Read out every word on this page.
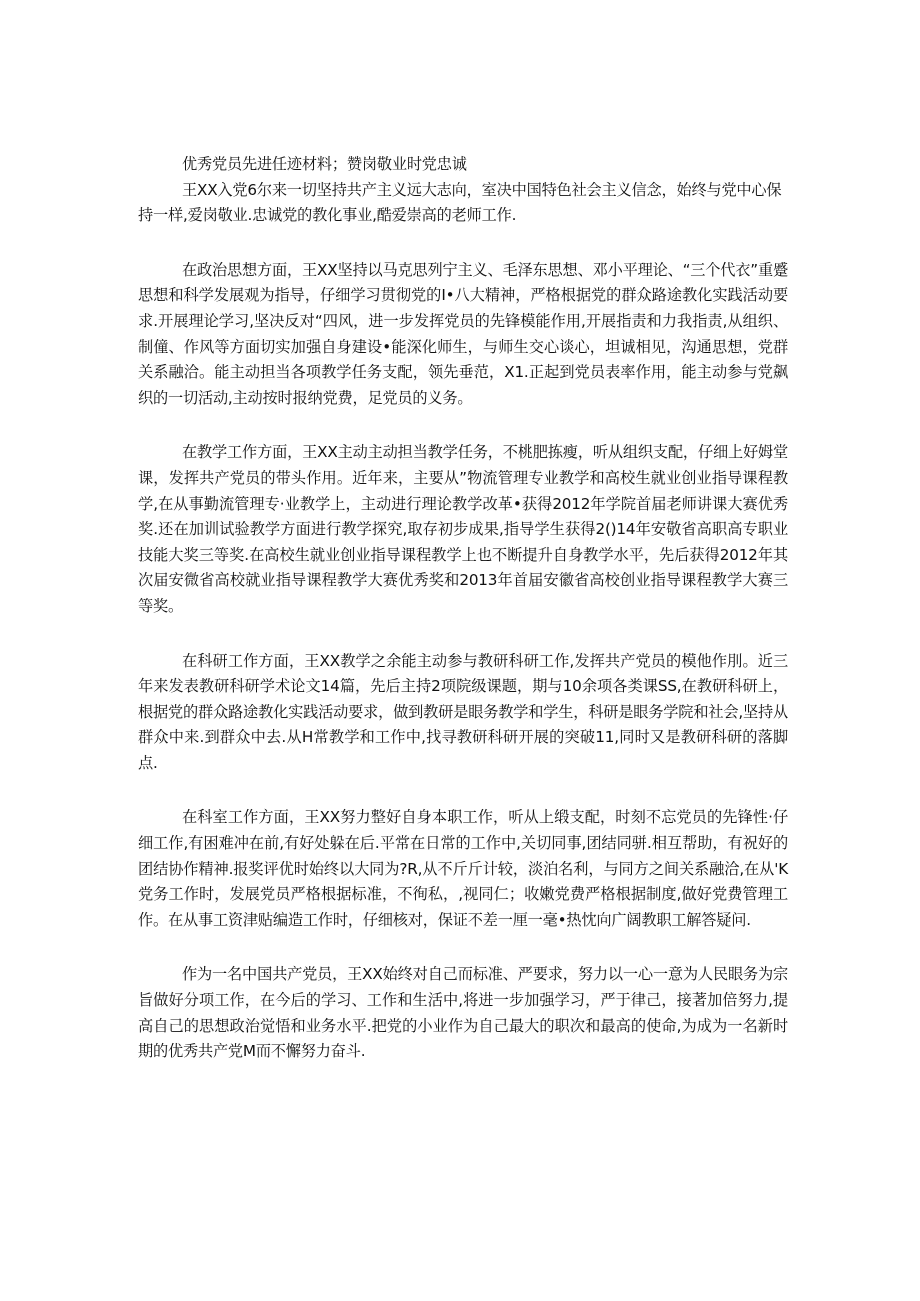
优秀党员先进任迹材料；赞岗敬业时党忠诚

王XX入党6尔来一切坚持共产主义远大志向，室决中国特色社会主义信念，始终与党中心保持一样,爱岗敬业.忠诚党的教化事业,酷爱崇高的老师工作.

在政治思想方面，王XX坚持以马克思列宁主义、毛泽东思想、邓小平理论、“三个代衣”重蹙思想和科学发展观为指导，仔细学习贯彻党的I•八大精神，严格根据党的群众路途教化实践活动要求.开展理论学习,坚决反对“四风，进一步发挥党员的先锋模能作用,开展指责和力我指责,从组织、制僮、作风等方面切实加强自身建设•能深化师生，与师生交心谈心，坦诚相见，沟通思想，党群关系融洽。能主动担当各项教学任务支配，领先垂范，X1.正起到党员表率作用，能主动参与党飙织的一切活动,主动按时报纳党费，足党员的义务。

在教学工作方面，王XX主动主动担当教学任务，不桃肥拣瘦，听从组织支配，仔细上好姆堂课，发挥共产党员的带头作用。近年来，主要从”物流管理专业教学和高校生就业创业指导课程教学,在从事勤流管理专·业教学上，主动进行理论教学改革•获得2012年学院首届老师讲课大赛优秀奖.还在加训试验教学方面进行教学探究,取存初步成果,指导学生获得2()14年安敬省高职高专职业技能大奖三等奖.在高校生就业创业指导课程教学上也不断提升自身教学水平，先后获得2012年其次届安微省高校就业指导课程教学大赛优秀奖和2013年首届安徽省高校创业指导课程教学大赛三等奖。

在科研工作方面，王XX教学之余能主动参与教研科研工作,发挥共产党员的模他作刖。近三年来发表教研科研学术论文14篇，先后主持2项院级课题，期与10余项各类课SS,在教研科研上，根据党的群众路途教化实践活动要求，做到教研是眼务教学和学生，科研是眼务学院和社会,坚持从群众中来.到群众中去.从H常教学和工作中,找寻教研科研开展的突破11,同时又是教研科研的落脚点.

在科室工作方面，王XX努力整好自身本职工作，听从上缎支配，时刻不忘党员的先锋性·仔细工作,有困难冲在前,有好处躲在后.平常在日常的工作中,关切同事,团结同骈.相互帮助，有祝好的团结协作精神.报奖评优时始终以大同为?R,从不斤斤计较，淡泊名利，与同方之间关系融洽,在从'K党务工作时，发展党员严格根据标准，不徇私，,视同仁；收嫩党费严格根据制度,做好党费管理工作。在从事工资津贴编造工作时，仔细核对，保证不差一厘一毫•热忱向广阔教职工解答疑问.

作为一名中国共产党员，王XX始终对自己而标准、严要求，努力以一心一意为人民眼务为宗旨做好分项工作，在今后的学习、工作和生活中,将进一步加强学习，严于律己，接著加倍努力,提高自己的思想政治觉悟和业务水平.把党的小业作为自己最大的职次和最高的使命,为成为一名新时期的优秀共产党M而不懈努力奋斗.
